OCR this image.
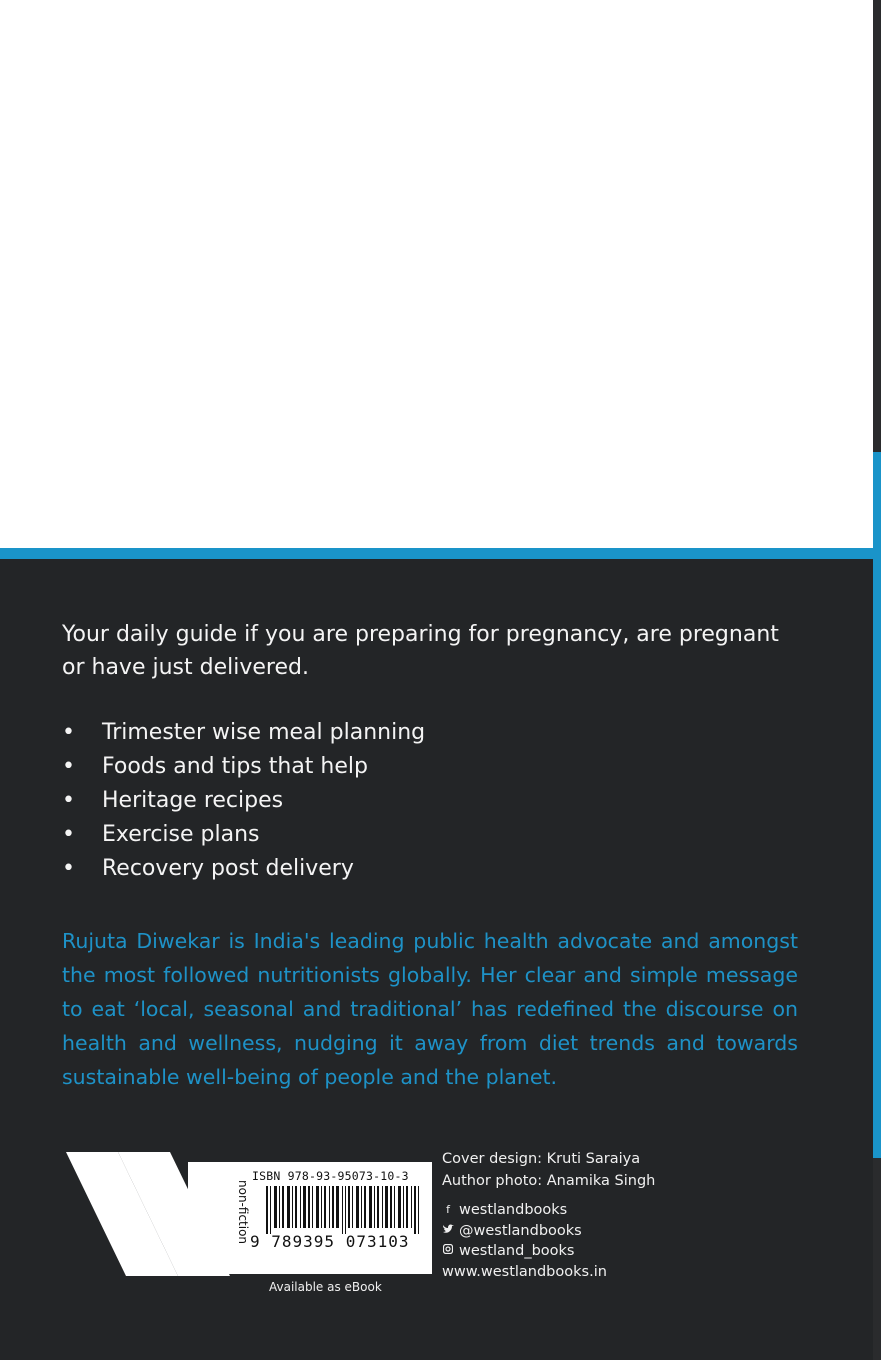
Your daily guide if you are preparing for pregnancy, are pregnant or have just delivered.

• Trimester wise meal planning
• Foods and tips that help
• Heritage recipes
• Exercise plans
• Recovery post delivery
Rujuta Diwekar is India's leading public health advocate and amongst the most followed nutritionists globally. Her clear and simple message to eat ‘local, seasonal and traditional’ has redefined the discourse on health and wellness, nudging it away from diet trends and towards sustainable well-being of people and the planet.
ISBN 978-93-95073-10-3
non-fiction 9 789395 073103
Available as eBook
Cover design: Kruti Saraiya
Author photo: Anamika Singh
f westlandbooks
@westlandbooks
westland_books
www.westlandbooks.in
